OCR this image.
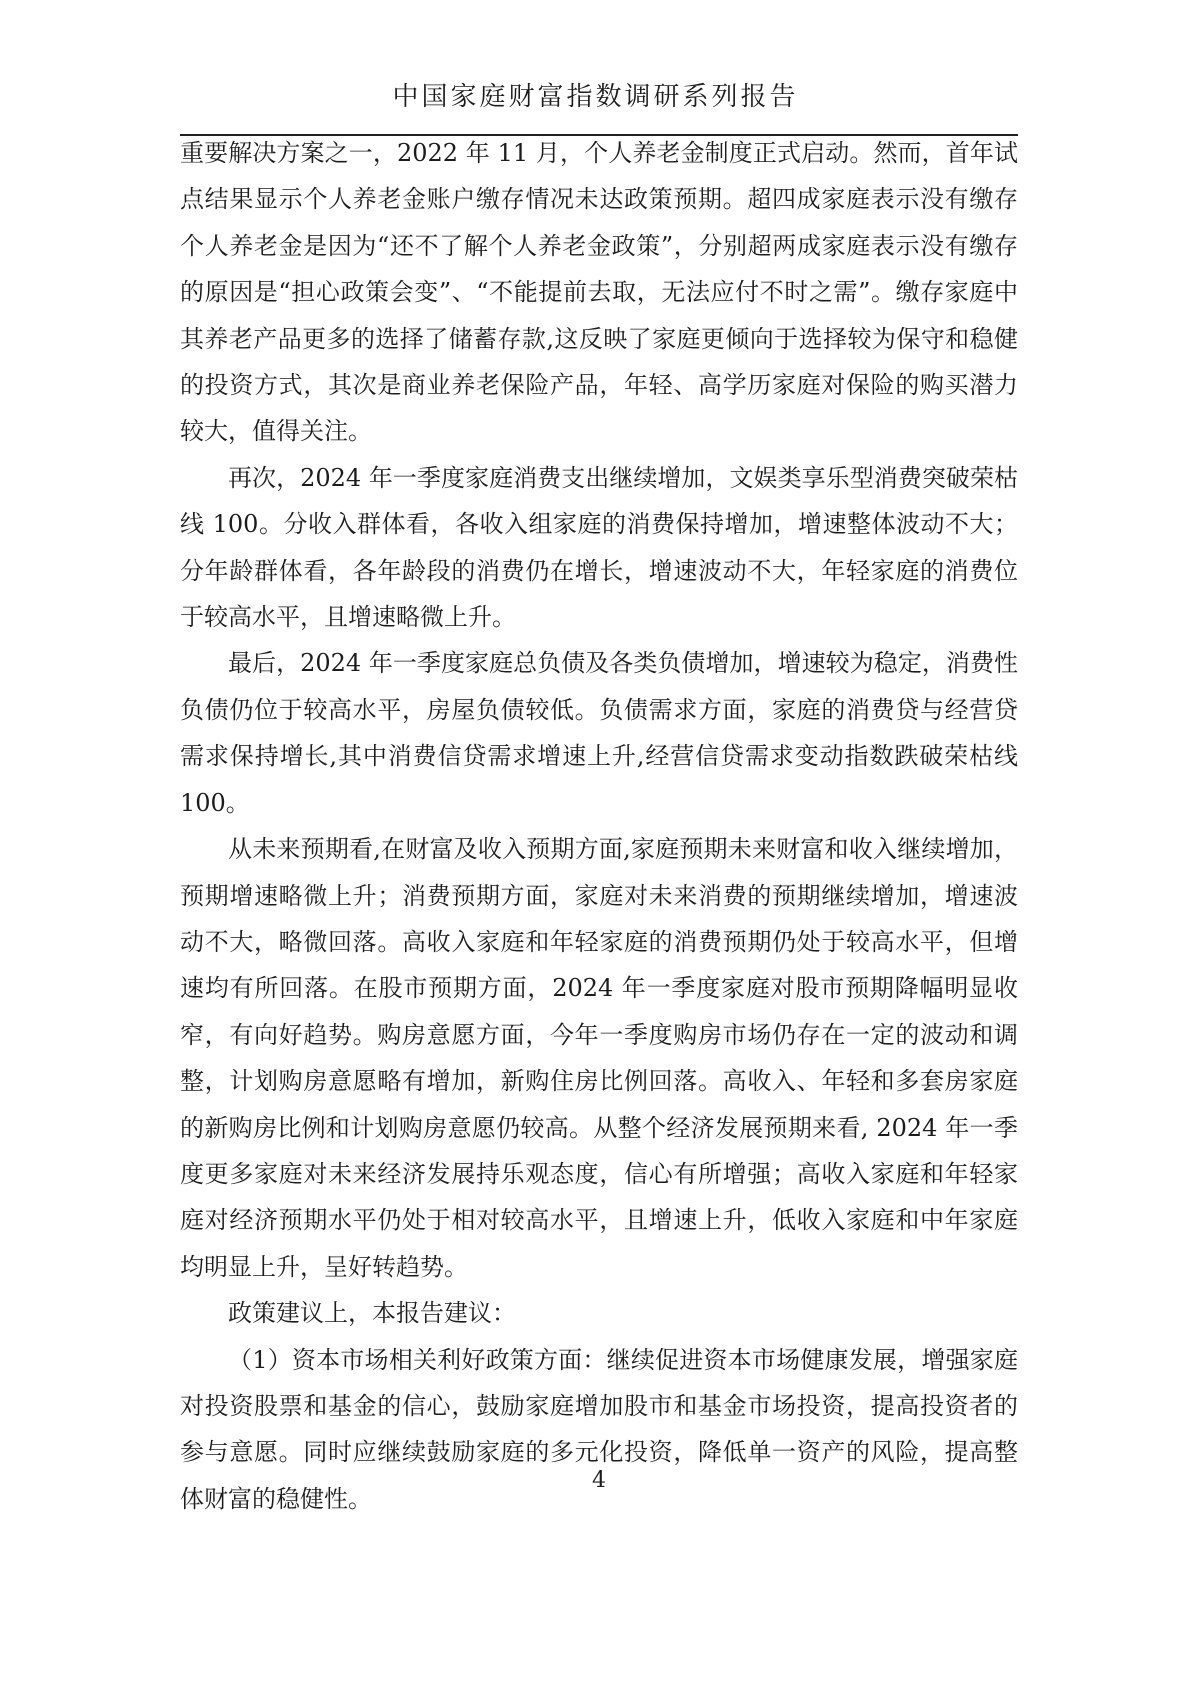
中国家庭财富指数调研系列报告

重要解决方案之一，2022 年 11 月，个人养老金制度正式启动。然而，首年试点结果显示个人养老金账户缴存情况未达政策预期。超四成家庭表示没有缴存个人养老金是因为“还不了解个人养老金政策”，分别超两成家庭表示没有缴存的原因是“担心政策会变”、“不能提前去取，无法应付不时之需”。缴存家庭中其养老产品更多的选择了储蓄存款,这反映了家庭更倾向于选择较为保守和稳健的投资方式，其次是商业养老保险产品，年轻、高学历家庭对保险的购买潜力较大，值得关注。

再次，2024 年一季度家庭消费支出继续增加，文娱类享乐型消费突破荣枯线 100。分收入群体看，各收入组家庭的消费保持增加，增速整体波动不大；分年龄群体看，各年龄段的消费仍在增长，增速波动不大，年轻家庭的消费位于较高水平，且增速略微上升。

最后，2024 年一季度家庭总负债及各类负债增加，增速较为稳定，消费性负债仍位于较高水平，房屋负债较低。负债需求方面，家庭的消费贷与经营贷需求保持增长,其中消费信贷需求增速上升,经营信贷需求变动指数跌破荣枯线 100。

从未来预期看,在财富及收入预期方面,家庭预期未来财富和收入继续增加，预期增速略微上升；消费预期方面，家庭对未来消费的预期继续增加，增速波动不大，略微回落。高收入家庭和年轻家庭的消费预期仍处于较高水平，但增速均有所回落。在股市预期方面，2024 年一季度家庭对股市预期降幅明显收窄，有向好趋势。购房意愿方面，今年一季度购房市场仍存在一定的波动和调整，计划购房意愿略有增加，新购住房比例回落。高收入、年轻和多套房家庭的新购房比例和计划购房意愿仍较高。从整个经济发展预期来看, 2024 年一季度更多家庭对未来经济发展持乐观态度，信心有所增强；高收入家庭和年轻家庭对经济预期水平仍处于相对较高水平，且增速上升，低收入家庭和中年家庭均明显上升，呈好转趋势。

政策建议上，本报告建议：

（1）资本市场相关利好政策方面：继续促进资本市场健康发展，增强家庭对投资股票和基金的信心，鼓励家庭增加股市和基金市场投资，提高投资者的参与意愿。同时应继续鼓励家庭的多元化投资，降低单一资产的风险，提高整体财富的稳健性。

4
